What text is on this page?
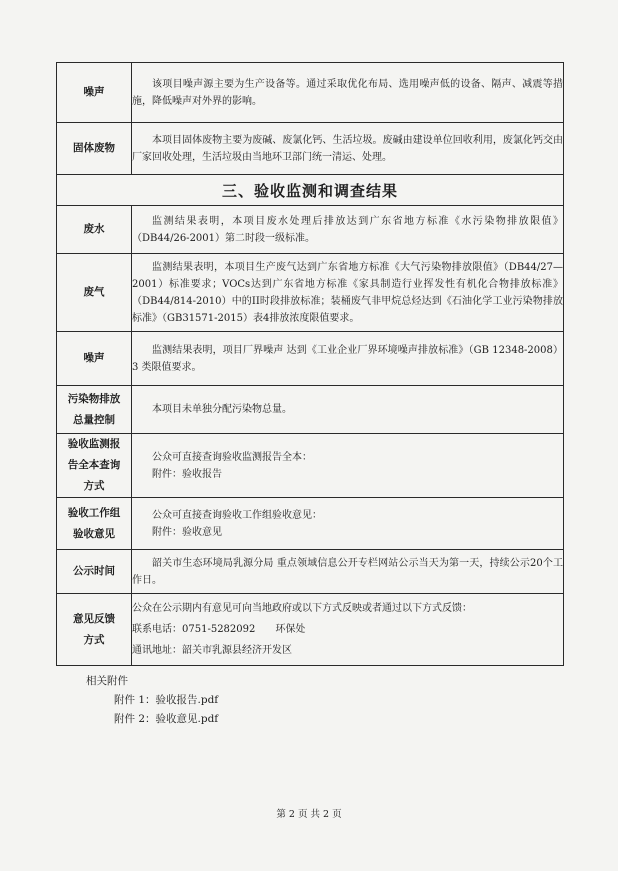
噪声	该项目噪声源主要为生产设备等。通过采取优化布局、选用噪声低的设备、隔声、减震等措施，降低噪声对外界的影响。

固体废物	本项目固体废物主要为废碱、废氯化钙、生活垃圾。废碱由建设单位回收利用，废氯化钙交由厂家回收处理，生活垃圾由当地环卫部门统一清运、处理。

三、验收监测和调查结果	
废水	监测结果表明，本项目废水处理后排放达到广东省地方标准《水污染物排放限值》（DB44/26-2001）第二时段一级标准。

废气	监测结果表明，本项目生产废气达到广东省地方标准《大气污染物排放限值》（DB44/27—2001）标准要求；VOCs达到广东省地方标准《家具制造行业挥发性有机化合物排放标准》（DB44/814-2010）中的II时段排放标准；装桶废气非甲烷总烃达到《石油化学工业污染物排放标准》（GB31571-2015）表4排放浓度限值要求。

噪声	监测结果表明，项目厂界噪声 达到《工业企业厂界环境噪声排放标准》（GB 12348-2008）3 类限值要求。

污染物排放
总量控制	本项目未单独分配污染物总量。

验收监测报
告全本查询
方式	公众可直接查询验收监测报告全本：
附件：验收报告

验收工作组
验收意见	公众可直接查询验收工作组验收意见：
附件：验收意见

公示时间	韶关市生态环境局乳源分局 重点领域信息公开专栏网站公示当天为第一天，持续公示20个工作日。

意见反馈
方式	公众在公示期内有意见可向当地政府或以下方式反映或者通过以下方式反馈：
联系电话：0751-5282092　　环保处
通讯地址：韶关市乳源县经济开发区
相关附件
附件 1：验收报告.pdf
附件 2：验收意见.pdf
第 2 页 共 2 页
